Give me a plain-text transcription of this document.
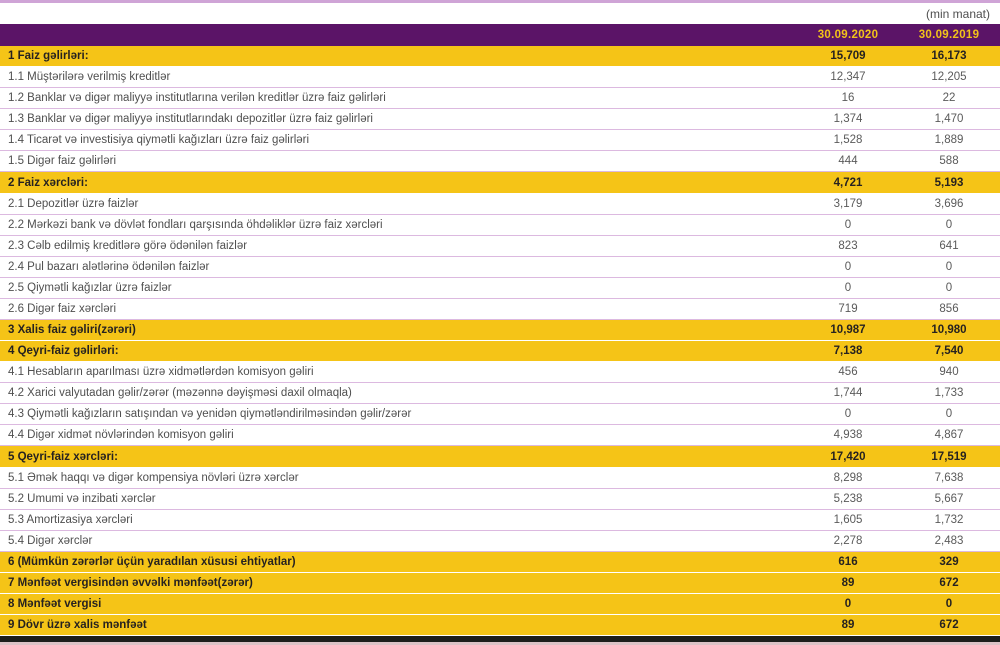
(min manat)
30.09.2020	30.09.2019
1 Faiz gəlirləri:	15,709	16,173
1.1 Müştərilərə verilmiş kreditlər	12,347	12,205
1.2 Banklar və digər maliyyə institutlarına verilən kreditlər üzrə faiz gəlirləri	16	22
1.3 Banklar və digər maliyyə institutlarındakı depozitlər üzrə faiz gəlirləri	1,374	1,470
1.4 Ticarət və investisiya qiymətli kağızları üzrə faiz gəlirləri	1,528	1,889
1.5 Digər faiz gəlirləri	444	588
2 Faiz xərcləri:	4,721	5,193
2.1 Depozitlər üzrə faizlər	3,179	3,696
2.2 Mərkəzi bank və dövlət fondları qarşısında öhdəliklər üzrə faiz xərcləri	0	0
2.3 Cəlb edilmiş kreditlərə görə ödənilən faizlər	823	641
2.4 Pul bazarı alətlərinə ödənilən faizlər	0	0
2.5 Qiymətli kağızlar üzrə faizlər	0	0
2.6 Digər faiz xərcləri	719	856
3 Xalis faiz gəliri(zərəri)	10,987	10,980
4 Qeyri-faiz gəlirləri:	7,138	7,540
4.1 Hesabların aparılması üzrə xidmətlərdən komisyon gəliri	456	940
4.2 Xarici valyutadan gəlir/zərər (məzənnə dəyişməsi daxil olmaqla)	1,744	1,733
4.3 Qiymətli kağızların satışından və yenidən qiymətləndirilməsindən gəlir/zərər	0	0
4.4 Digər xidmət növlərindən komisyon gəliri	4,938	4,867
5 Qeyri-faiz xərcləri:	17,420	17,519
5.1 Əmək haqqı və digər kompensiya növləri üzrə xərclər	8,298	7,638
5.2 Ümumi və inzibati xərclər	5,238	5,667
5.3 Amortizasiya xərcləri	1,605	1,732
5.4 Digər xərclər	2,278	2,483
6 (Mümkün zərərlər üçün yaradılan xüsusi ehtiyatlar)	616	329
7 Mənfəət vergisindən əvvəlki mənfəət(zərər)	89	672
8 Mənfəət vergisi	0	0
9 Dövr üzrə xalis mənfəət	89	672
